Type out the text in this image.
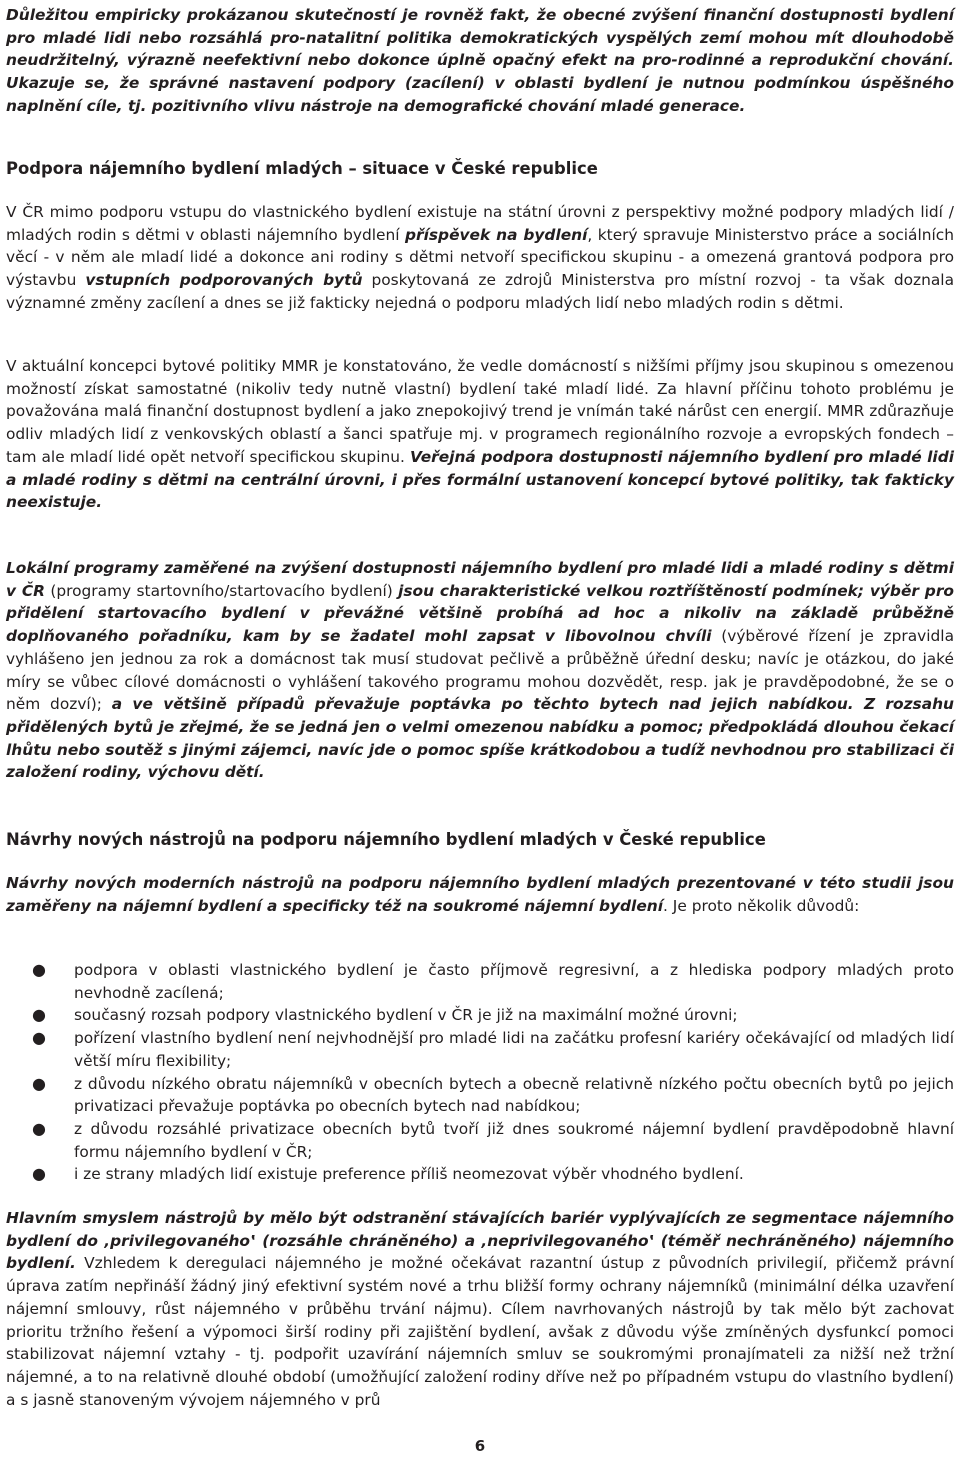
Důležitou empiricky prokázanou skutečností je rovněž fakt, že obecné zvýšení finanční dostupnosti bydlení pro mladé lidi nebo rozsáhlá pro-natalitní politika demokratických vyspělých zemí mohou mít dlouhodobě neudržitelný, výrazně neefektivní nebo dokonce úplně opačný efekt na pro-rodinné a reprodukční chování. Ukazuje se, že správné nastavení podpory (zacílení) v oblasti bydlení je nutnou podmínkou úspěšného naplnění cíle, tj. pozitivního vlivu nástroje na demografické chování mladé generace.

Podpora nájemního bydlení mladých – situace v České republice

V ČR mimo podporu vstupu do vlastnického bydlení existuje na státní úrovni z perspektivy možné podpory mladých lidí / mladých rodin s dětmi v oblasti nájemního bydlení příspěvek na bydlení, který spravuje Ministerstvo práce a sociálních věcí - v něm ale mladí lidé a dokonce ani rodiny s dětmi netvoří specifickou skupinu - a omezená grantová podpora pro výstavbu vstupních podporovaných bytů poskytovaná ze zdrojů Ministerstva pro místní rozvoj - ta však doznala významné změny zacílení a dnes se již fakticky nejedná o podporu mladých lidí nebo mladých rodin s dětmi.

V aktuální koncepci bytové politiky MMR je konstatováno, že vedle domácností s nižšími příjmy jsou skupinou s omezenou možností získat samostatné (nikoliv tedy nutně vlastní) bydlení také mladí lidé. Za hlavní příčinu tohoto problému je považována malá finanční dostupnost bydlení a jako znepokojivý trend je vnímán také nárůst cen energií. MMR zdůrazňuje odliv mladých lidí z venkovských oblastí a šanci spatřuje mj. v programech regionálního rozvoje a evropských fondech – tam ale mladí lidé opět netvoří specifickou skupinu. Veřejná podpora dostupnosti nájemního bydlení pro mladé lidi a mladé rodiny s dětmi na centrální úrovni, i přes formální ustanovení koncepcí bytové politiky, tak fakticky neexistuje.

Lokální programy zaměřené na zvýšení dostupnosti nájemního bydlení pro mladé lidi a mladé rodiny s dětmi v ČR (programy startovního/startovacího bydlení) jsou charakteristické velkou roztříštěností podmínek; výběr pro přidělení startovacího bydlení v převážné většině probíhá ad hoc a nikoliv na základě průběžně doplňovaného pořadníku, kam by se žadatel mohl zapsat v libovolnou chvíli (výběrové řízení je zpravidla vyhlášeno jen jednou za rok a domácnost tak musí studovat pečlivě a průběžně úřední desku; navíc je otázkou, do jaké míry se vůbec cílové domácnosti o vyhlášení takového programu mohou dozvědět, resp. jak je pravděpodobné, že se o něm dozví); a ve většině případů převažuje poptávka po těchto bytech nad jejich nabídkou. Z rozsahu přidělených bytů je zřejmé, že se jedná jen o velmi omezenou nabídku a pomoc; předpokládá dlouhou čekací lhůtu nebo soutěž s jinými zájemci, navíc jde o pomoc spíše krátkodobou a tudíž nevhodnou pro stabilizaci či založení rodiny, výchovu dětí.

Návrhy nových nástrojů na podporu nájemního bydlení mladých v České republice

Návrhy nových moderních nástrojů na podporu nájemního bydlení mladých prezentované v této studii jsou zaměřeny na nájemní bydlení a specificky též na soukromé nájemní bydlení. Je proto několik důvodů:

● podpora v oblasti vlastnického bydlení je často příjmově regresivní, a z hlediska podpory mladých proto nevhodně zacílená;
● současný rozsah podpory vlastnického bydlení v ČR je již na maximální možné úrovni;
● pořízení vlastního bydlení není nejvhodnější pro mladé lidi na začátku profesní kariéry očekávající od mladých lidí větší míru flexibility;
● z důvodu nízkého obratu nájemníků v obecních bytech a obecně relativně nízkého počtu obecních bytů po jejich privatizaci převažuje poptávka po obecních bytech nad nabídkou;
● z důvodu rozsáhlé privatizace obecních bytů tvoří již dnes soukromé nájemní bydlení pravděpodobně hlavní formu nájemního bydlení v ČR;
● i ze strany mladých lidí existuje preference příliš neomezovat výběr vhodného bydlení.

Hlavním smyslem nástrojů by mělo být odstranění stávajících bariér vyplývajících ze segmentace nájemního bydlení do ‚privilegovaného‛ (rozsáhle chráněného) a ‚neprivilegovaného‛ (téměř nechráněného) nájemního bydlení. Vzhledem k deregulaci nájemného je možné očekávat razantní ústup z původních privilegií, přičemž právní úprava zatím nepřináší žádný jiný efektivní systém nové a trhu bližší formy ochrany nájemníků (minimální délka uzavření nájemní smlouvy, růst nájemného v průběhu trvání nájmu). Cílem navrhovaných nástrojů by tak mělo být zachovat prioritu tržního řešení a výpomoci širší rodiny při zajištění bydlení, avšak z důvodu výše zmíněných dysfunkcí pomoci stabilizovat nájemní vztahy - tj. podpořit uzavírání nájemních smluv se soukromými pronajímateli za nižší než tržní nájemné, a to na relativně dlouhé období (umožňující založení rodiny dříve než po případném vstupu do vlastního bydlení) a s jasně stanoveným vývojem nájemného v prů

6
